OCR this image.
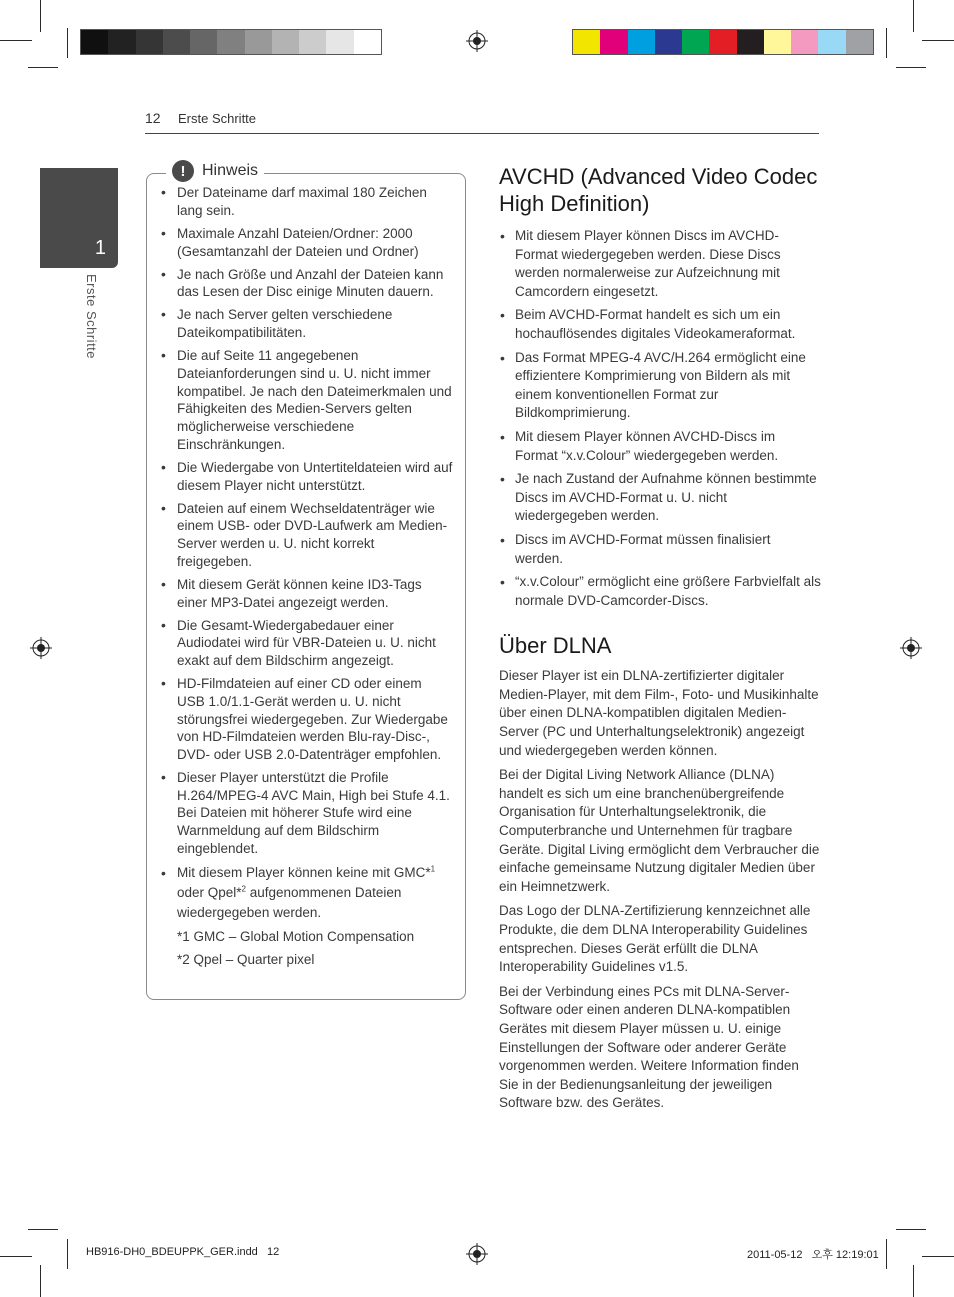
12 Erste Schritte
1
Erste Schritte
!	Hinweis
• Der Dateiname darf maximal 180 Zeichen lang sein.
• Maximale Anzahl Dateien/Ordner: 2000 (Gesamtanzahl der Dateien und Ordner)
• Je nach Größe und Anzahl der Dateien kann das Lesen der Disc einige Minuten dauern.
• Je nach Server gelten verschiedene Dateikompatibilitäten.
• Die auf Seite 11 angegebenen Dateianforderungen sind u. U. nicht immer kompatibel. Je nach den Dateimerkmalen und Fähigkeiten des Medien-Servers gelten möglicherweise verschiedene Einschränkungen.
• Die Wiedergabe von Untertiteldateien wird auf diesem Player nicht unterstützt.
• Dateien auf einem Wechseldatenträger wie einem USB- oder DVD-Laufwerk am Medien-Server werden u. U. nicht korrekt freigegeben.
• Mit diesem Gerät können keine ID3-Tags einer MP3-Datei angezeigt werden.
• Die Gesamt-Wiedergabedauer einer Audiodatei wird für VBR-Dateien u. U. nicht exakt auf dem Bildschirm angezeigt.
• HD-Filmdateien auf einer CD oder einem USB 1.0/1.1-Gerät werden u. U. nicht störungsfrei wiedergegeben. Zur Wiedergabe von HD-Filmdateien werden Blu-ray-Disc-, DVD- oder USB 2.0-Datenträger empfohlen.
• Dieser Player unterstützt die Profile H.264/MPEG-4 AVC Main, High bei Stufe 4.1. Bei Dateien mit höherer Stufe wird eine Warnmeldung auf dem Bildschirm eingeblendet.
• Mit diesem Player können keine mit GMC*$^1$ oder Qpel*$^2$ aufgenommenen Dateien wiedergegeben werden.
*1 GMC – Global Motion Compensation
*2 Qpel – Quarter pixel
AVCHD (Advanced Video Codec High Definition)
• Mit diesem Player können Discs im AVCHD-Format wiedergegeben werden. Diese Discs werden normalerweise zur Aufzeichnung mit Camcordern eingesetzt.
• Beim AVCHD-Format handelt es sich um ein hochauflösendes digitales Videokameraformat.
• Das Format MPEG-4 AVC/H.264 ermöglicht eine effizientere Komprimierung von Bildern als mit einem konventionellen Format zur Bildkomprimierung.
• Mit diesem Player können AVCHD-Discs im Format “x.v.Colour” wiedergegeben werden.
• Je nach Zustand der Aufnahme können bestimmte Discs im AVCHD-Format u. U. nicht wiedergegeben werden.
• Discs im AVCHD-Format müssen finalisiert werden.
• “x.v.Colour” ermöglicht eine größere Farbvielfalt als normale DVD-Camcorder-Discs.
Über DLNA

Dieser Player ist ein DLNA-zertifizierter digitaler Medien-Player, mit dem Film-, Foto- und Musikinhalte über einen DLNA-kompatiblen digitalen Medien-Server (PC und Unterhaltungselektronik) angezeigt und wiedergegeben werden können.

Bei der Digital Living Network Alliance (DLNA) handelt es sich um eine branchenübergreifende Organisation für Unterhaltungselektronik, die Computerbranche und Unternehmen für tragbare Geräte. Digital Living ermöglicht dem Verbraucher die einfache gemeinsame Nutzung digitaler Medien über ein Heimnetzwerk.

Das Logo der DLNA-Zertifizierung kennzeichnet alle Produkte, die dem DLNA Interoperability Guidelines entsprechen. Dieses Gerät erfüllt die DLNA Interoperability Guidelines v1.5.

Bei der Verbindung eines PCs mit DLNA-Server-Software oder einen anderen DLNA-kompatiblen Gerätes mit diesem Player müssen u. U. einige Einstellungen der Software oder anderer Geräte vorgenommen werden. Weitere Information finden Sie in der Bedienungsanleitung der jeweiligen Software bzw. des Gerätes.

HB916-DH0_BDEUPPK_GER.indd   12	2011-05-12   오후 12:19:01
